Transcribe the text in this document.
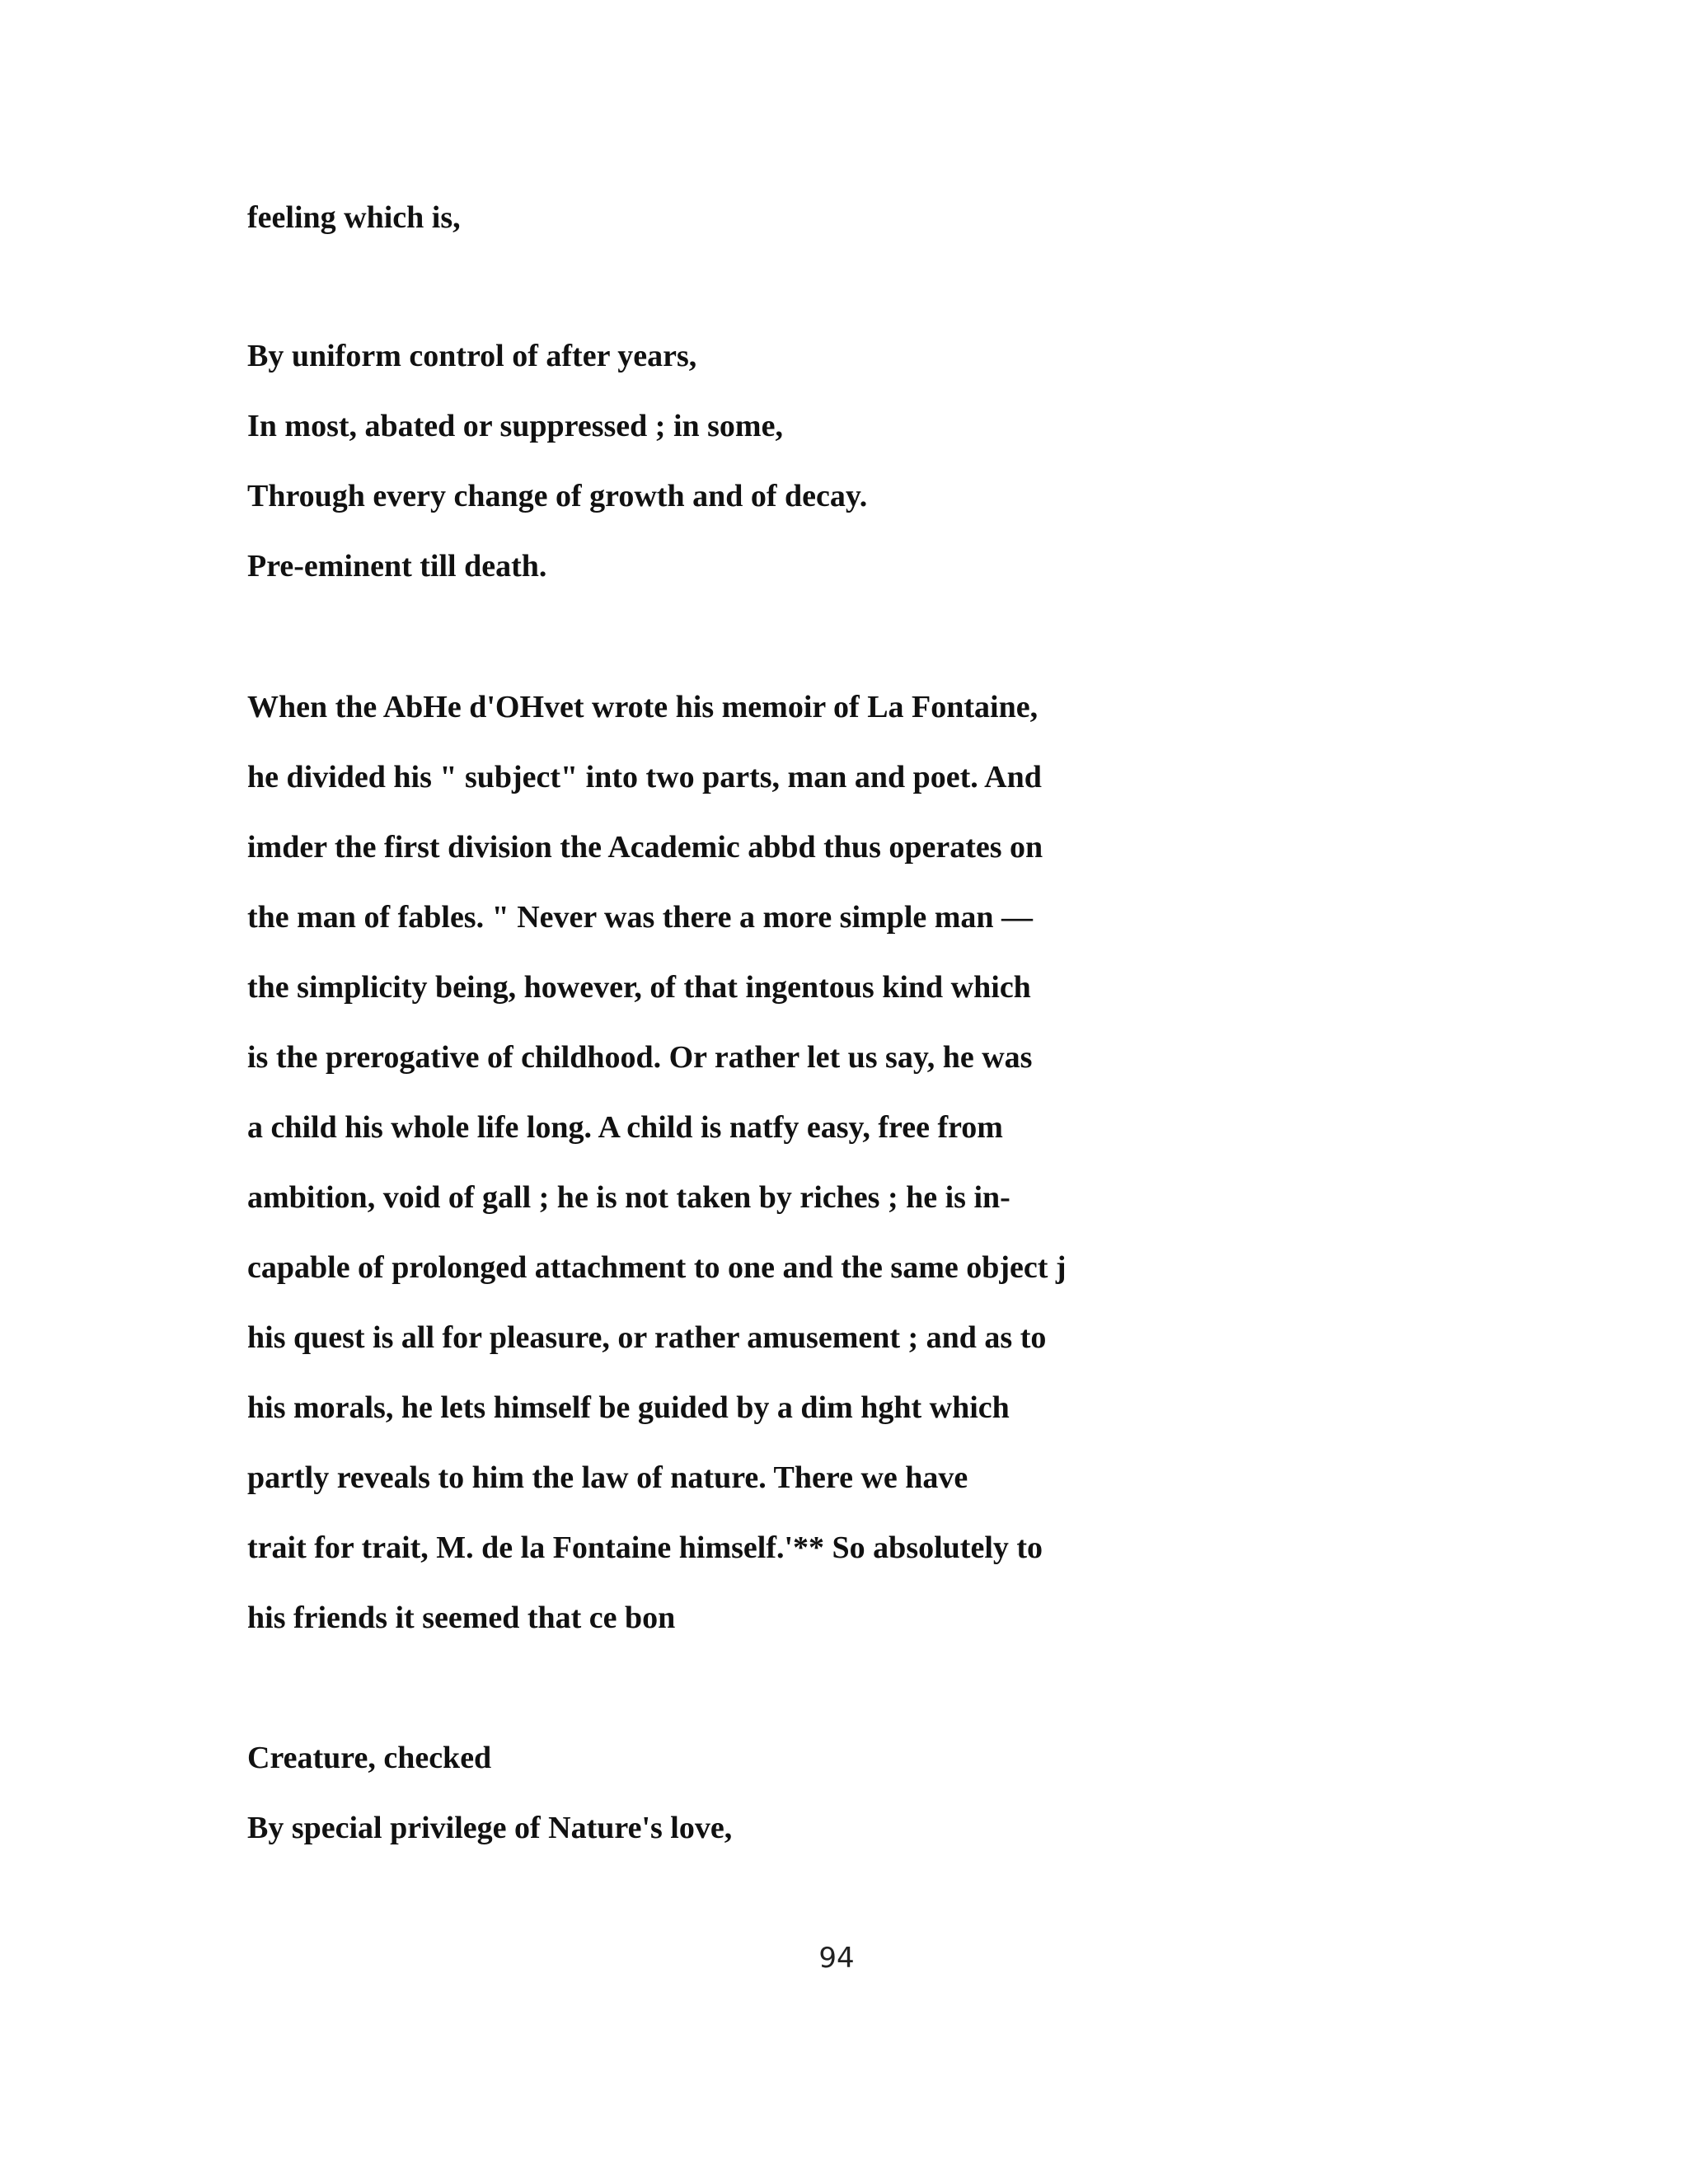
feeling which is,

By uniform control of after years,

In most, abated or suppressed ; in some,

Through every change of growth and of decay.

Pre-eminent till death.

When the AbHe d'OHvet wrote his memoir of La Fontaine,

he divided his " subject" into two parts, man and poet. And

imder the first division the Academic abbd thus operates on

the man of fables. " Never was there a more simple man —

the simplicity being, however, of that ingentous kind which

is the prerogative of childhood. Or rather let us say, he was

a child his whole life long. A child is natfy easy, free from

ambition, void of gall ; he is not taken by riches ; he is in-

capable of prolonged attachment to one and the same object j

his quest is all for pleasure, or rather amusement ; and as to

his morals, he lets himself be guided by a dim hght which

partly reveals to him the law of nature. There we have

trait for trait, M. de la Fontaine himself.'** So absolutely to

his friends it seemed that ce bon

Creature, checked

By special privilege of Nature's love,

94
